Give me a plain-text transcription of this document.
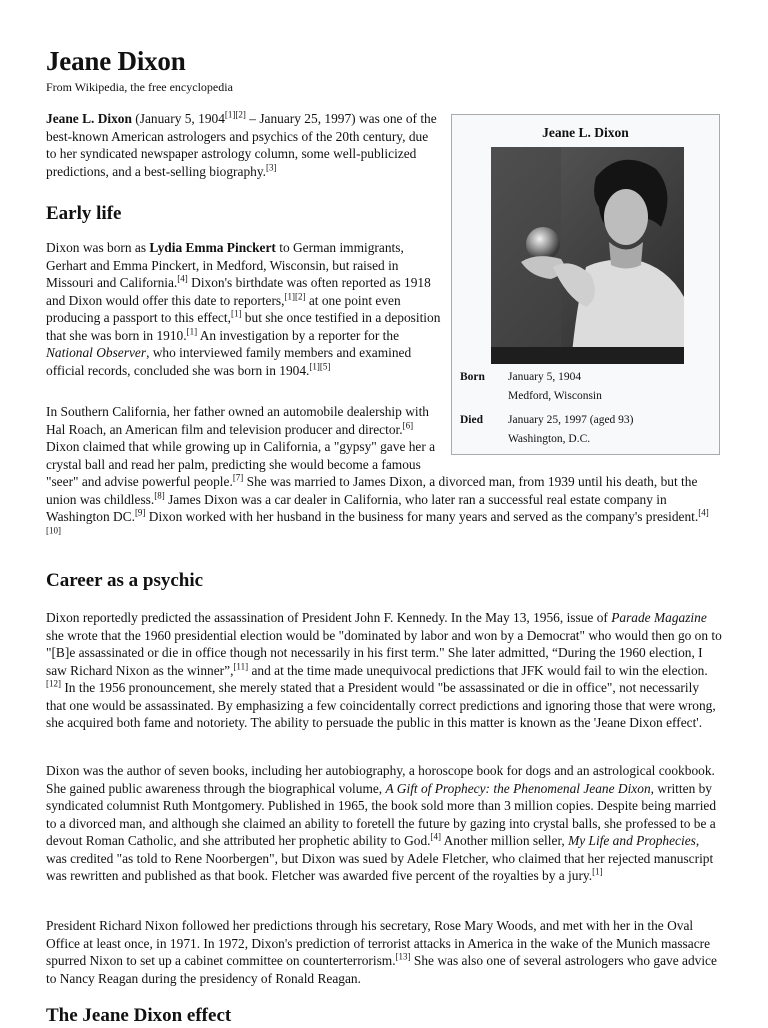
Jeane Dixon
From Wikipedia, the free encyclopedia

Jeane L. Dixon (January 5, 1904[1][2] – January 25, 1997) was one of the best-known American astrologers and psychics of the 20th century, due to her syndicated newspaper astrology column, some well-publicized predictions, and a best-selling biography.[3]

Early life

Dixon was born as Lydia Emma Pinckert to German immigrants, Gerhart and Emma Pinckert, in Medford, Wisconsin, but raised in Missouri and California.[4] Dixon's birthdate was often reported as 1918 and Dixon would offer this date to reporters,[1][2] at one point even producing a passport to this effect,[1] but she once testified in a deposition that she was born in 1910.[1] An investigation by a reporter for the National Observer, who interviewed family members and examined official records, concluded she was born in 1904.[1][5]

In Southern California, her father owned an automobile dealership with Hal Roach, an American film and television producer and director.[6] Dixon claimed that while growing up in California, a "gypsy" gave her a crystal ball and read her palm, predicting she would become a famous "seer" and advise powerful people.[7] She was married to James Dixon, a divorced man, from 1939 until his death, but the union was childless.[8] James Dixon was a car dealer in California, who later ran a successful real estate company in Washington DC.[9] Dixon worked with her husband in the business for many years and served as the company's president.[4][10]

Career as a psychic

Dixon reportedly predicted the assassination of President John F. Kennedy. In the May 13, 1956, issue of Parade Magazine she wrote that the 1960 presidential election would be "dominated by labor and won by a Democrat" who would then go on to "[B]e assassinated or die in office though not necessarily in his first term." She later admitted, “During the 1960 election, I saw Richard Nixon as the winner”,[11] and at the time made unequivocal predictions that JFK would fail to win the election.[12] In the 1956 pronouncement, she merely stated that a President would "be assassinated or die in office", not necessarily that one would be assassinated. By emphasizing a few coincidentally correct predictions and ignoring those that were wrong, she acquired both fame and notoriety. The ability to persuade the public in this matter is known as the 'Jeane Dixon effect'.

Dixon was the author of seven books, including her autobiography, a horoscope book for dogs and an astrological cookbook. She gained public awareness through the biographical volume, A Gift of Prophecy: the Phenomenal Jeane Dixon, written by syndicated columnist Ruth Montgomery. Published in 1965, the book sold more than 3 million copies. Despite being married to a divorced man, and although she claimed an ability to foretell the future by gazing into crystal balls, she professed to be a devout Roman Catholic, and she attributed her prophetic ability to God.[4] Another million seller, My Life and Prophecies, was credited "as told to Rene Noorbergen", but Dixon was sued by Adele Fletcher, who claimed that her rejected manuscript was rewritten and published as that book. Fletcher was awarded five percent of the royalties by a jury.[1]

President Richard Nixon followed her predictions through his secretary, Rose Mary Woods, and met with her in the Oval Office at least once, in 1971. In 1972, Dixon's prediction of terrorist attacks in America in the wake of the Munich massacre spurred Nixon to set up a cabinet committee on counterterrorism.[13] She was also one of several astrologers who gave advice to Nancy Reagan during the presidency of Ronald Reagan.

The Jeane Dixon effect
Jeane L. Dixon
Born	January 5, 1904
Medford, Wisconsin
Died	January 25, 1997 (aged 93)
Washington, D.C.
